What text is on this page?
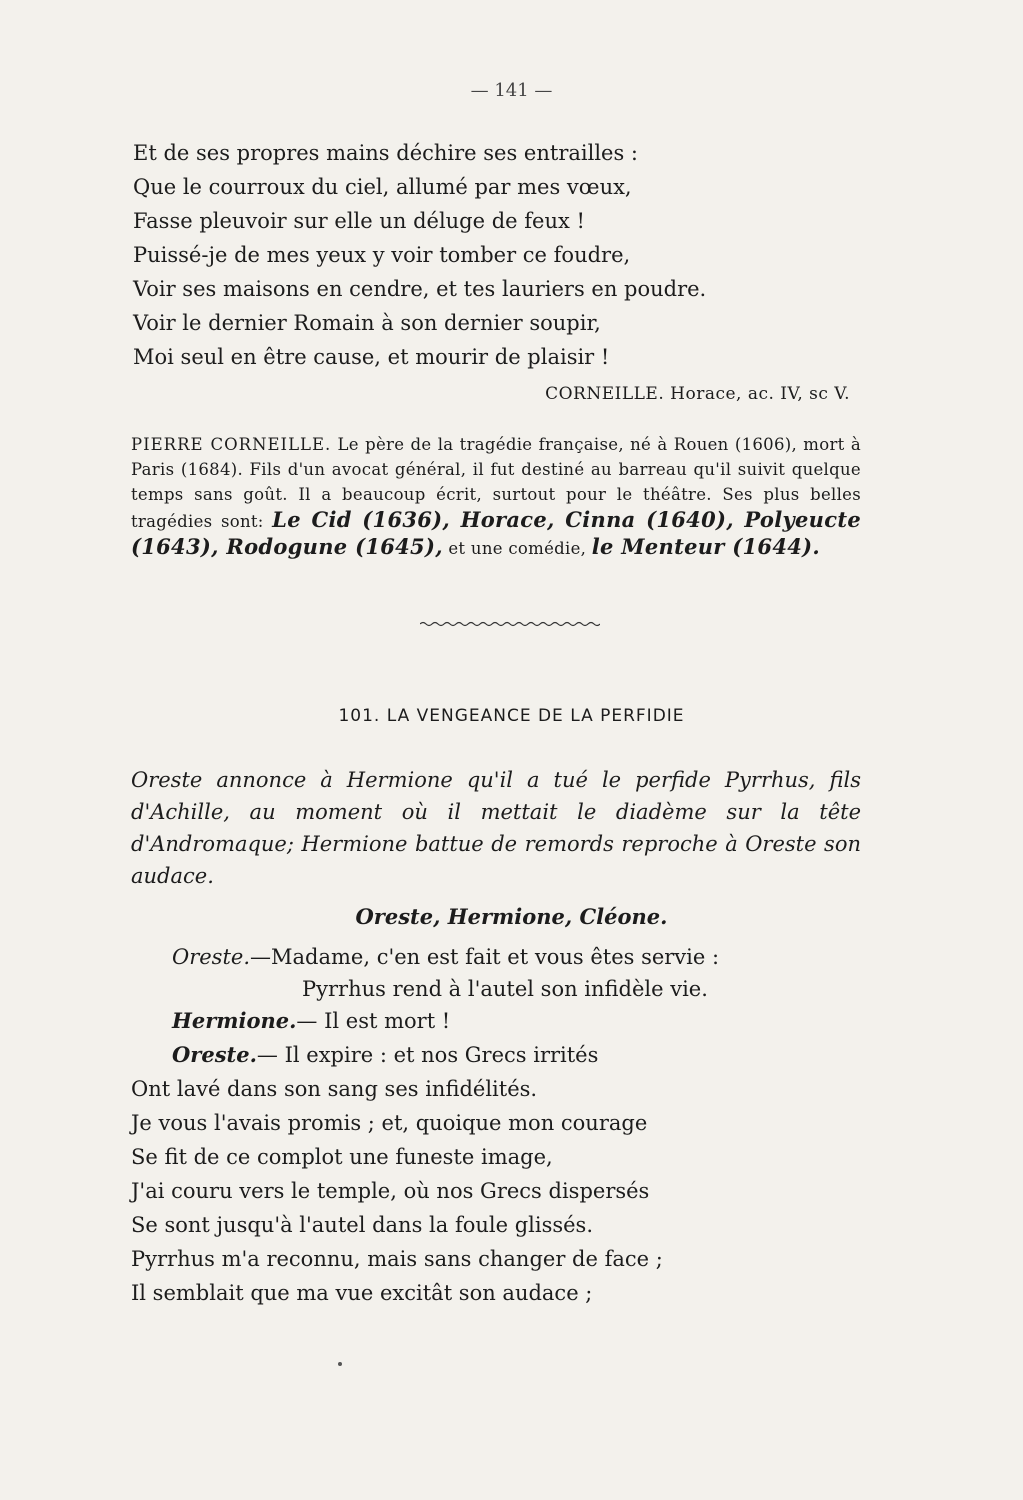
— 141 —
Et de ses propres mains déchire ses entrailles :
Que le courroux du ciel, allumé par mes vœux,
Fasse pleuvoir sur elle un déluge de feux !
Puissé-je de mes yeux y voir tomber ce foudre,
Voir ses maisons en cendre, et tes lauriers en poudre.
Voir le dernier Romain à son dernier soupir,
Moi seul en être cause, et mourir de plaisir !
CORNEILLE. Horace, ac. IV, sc V.
PIERRE CORNEILLE. Le père de la tragédie française, né à Rouen (1606), mort à Paris (1684). Fils d'un avocat général, il fut destiné au barreau qu'il suivit quelque temps sans goût. Il a beaucoup écrit, surtout pour le théâtre. Ses plus belles tragédies sont: Le Cid (1636), Horace, Cinna (1640), Polyeucte (1643), Rodogune (1645), et une comédie, le Menteur (1644).
101. LA VENGEANCE DE LA PERFIDIE
Oreste annonce à Hermione qu'il a tué le perfide Pyrrhus, fils d'Achille, au moment où il mettait le diadème sur la tête d'Andromaque; Hermione battue de remords reproche à Oreste son audace.
Oreste, Hermione, Cléone.
Oreste.—Madame, c'en est fait et vous êtes servie :
Pyrrhus rend à l'autel son infidèle vie.
Hermione.— Il est mort !
Oreste.— Il expire : et nos Grecs irrités
Ont lavé dans son sang ses infidélités.
Je vous l'avais promis ; et, quoique mon courage
Se fit de ce complot une funeste image,
J'ai couru vers le temple, où nos Grecs dispersés
Se sont jusqu'à l'autel dans la foule glissés.
Pyrrhus m'a reconnu, mais sans changer de face ;
Il semblait que ma vue excitât son audace ;
